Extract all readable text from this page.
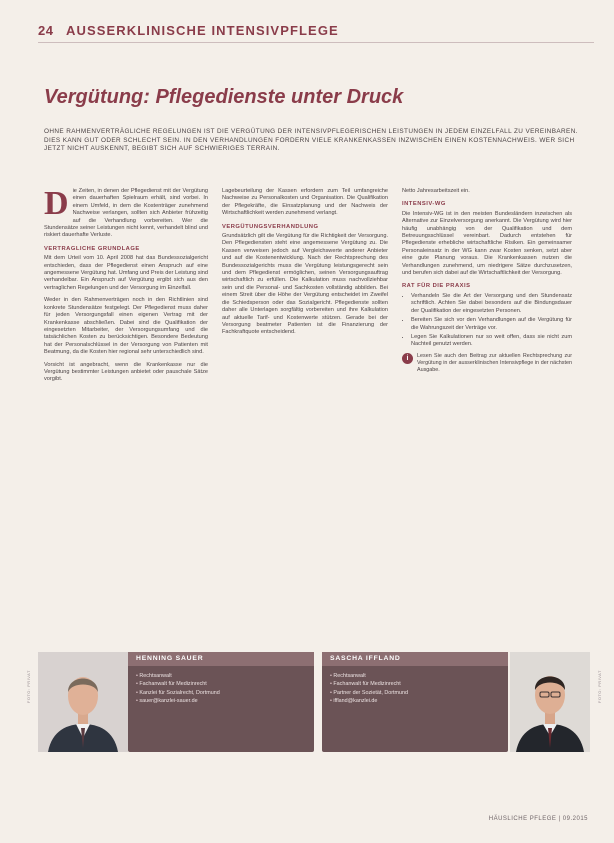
24 AUSSERKLINISCHE INTENSIVPFLEGE
Vergütung: Pflegedienste unter Druck
OHNE RAHMENVERTRÄGLICHE REGELUNGEN IST DIE VERGÜTUNG DER INTENSIVPFLEGERISCHEN LEISTUNGEN IN JEDEM EINZELFALL ZU VEREINBAREN. DIES KANN GUT ODER SCHLECHT SEIN. IN DEN VERHANDLUNGEN FORDERN VIELE KRANKENKASSEN INZWISCHEN EINEN KOSTENNACHWEIS. WER SICH JETZT NICHT AUSKENNT, BEGIBT SICH AUF SCHWIERIGES TERRAIN.
D ie Zeiten, in denen der Pflegedienst mit der Vergütung einen dauerhaften Spielraum erhält, sind vorbei. In einem Umfeld, in dem die Kostenträger zunehmend Nachweise verlangen, sollten sich Anbieter frühzeitig auf die Verhandlung vorbereiten. Wer die Stundensätze seiner Leistungen nicht kennt, verhandelt blind und riskiert dauerhafte Verluste.

VERTRAGLICHE GRUNDLAGE

Mit dem Urteil vom 10. April 2008 hat das Bundessozialgericht entschieden, dass der Pflegedienst einen Anspruch auf eine angemessene Vergütung hat. Umfang und Preis der Leistung sind verhandelbar. Ein Anspruch auf Vergütung ergibt sich aus den vertraglichen Regelungen und der Versorgung im Einzelfall.

Weder in den Rahmenverträgen noch in den Richtlinien sind konkrete Stundensätze festgelegt. Der Pflegedienst muss daher für jeden Versorgungsfall einen eigenen Vertrag mit der Krankenkasse abschließen. Dabei sind die Qualifikation der eingesetzten Mitarbeiter, der Versorgungsumfang und die tatsächlichen Kosten zu berücksichtigen. Besondere Bedeutung hat der Personalschlüssel in der Versorgung von Patienten mit Beatmung, da die Kosten hier regional sehr unterschiedlich sind.

Vorsicht ist angebracht, wenn die Krankenkasse nur die Vergütung bestimmter Leistungen anbietet oder pauschale Sätze vorgibt.

Lagebeurteilung der Kassen erfordern zum Teil umfangreiche Nachweise zu Personalkosten und Organisation. Die Qualifikation der Pflegekräfte, die Einsatzplanung und der Nachweis der Wirtschaftlichkeit werden zunehmend verlangt.

VERGÜTUNGSVERHANDLUNG

Grundsätzlich gilt die Vergütung für die Richtigkeit der Versorgung. Den Pflegediensten steht eine angemessene Vergütung zu. Die Kassen verweisen jedoch auf Vergleichswerte anderer Anbieter und auf die Kostenentwicklung. Nach der Rechtsprechung des Bundessozialgerichts muss die Vergütung leistungsgerecht sein und dem Pflegedienst ermöglichen, seinen Versorgungsauftrag wirtschaftlich zu erfüllen. Die Kalkulation muss nachvollziehbar sein und die Personal- und Sachkosten vollständig abbilden. Bei einem Streit über die Höhe der Vergütung entscheidet im Zweifel die Schiedsperson oder das Sozialgericht. Pflegedienste sollten daher alle Unterlagen sorgfältig vorbereiten und ihre Kalkulation auf aktuelle Tarif- und Kostenwerte stützen. Gerade bei der Versorgung beatmeter Patienten ist die Finanzierung der Fachkraftquote entscheidend.

Netto Jahresarbeitszeit ein.

INTENSIV-WG

Die Intensiv-WG ist in den meisten Bundesländern inzwischen als Alternative zur Einzelversorgung anerkannt. Die Vergütung wird hier häufig unabhängig von der Qualifikation und dem Betreuungsschlüssel vereinbart. Dadurch entstehen für Pflegedienste erhebliche wirtschaftliche Risiken. Ein gemeinsamer Personaleinsatz in der WG kann zwar Kosten senken, setzt aber eine gute Planung voraus. Die Krankenkassen nutzen die Verhandlungen zunehmend, um niedrigere Sätze durchzusetzen, und berufen sich dabei auf die Wirtschaftlichkeit der Versorgung.

RAT FÜR DIE PRAXIS
• Verhandeln Sie die Art der Versorgung und den Stundensatz schriftlich. Achten Sie dabei besonders auf die Bindungsdauer der Qualifikation der eingesetzten Personen.
• Bereiten Sie sich vor den Verhandlungen auf die Vergütung für die Wahrungszeit der Verträge vor.
• Legen Sie Kalkulationen nur so weit offen, dass sie nicht zum Nachteil genutzt werden.
i	Lesen Sie auch den Beitrag zur aktuellen Rechtsprechung zur Vergütung in der ausserklinischen Intensivpflege in der nächsten Ausgabe.
FOTO: PRIVAT
HENNING SAUER
• Rechtsanwalt
• Fachanwalt für Medizinrecht
• Kanzlei für Sozialrecht, Dortmund
• sauer@kanzlei-sauer.de
SASCHA IFFLAND
• Rechtsanwalt
• Fachanwalt für Medizinrecht
• Partner der Sozietät, Dortmund
• iffland@kanzlei.de	FOTO: PRIVAT
HÄUSLICHE PFLEGE | 09.2015
